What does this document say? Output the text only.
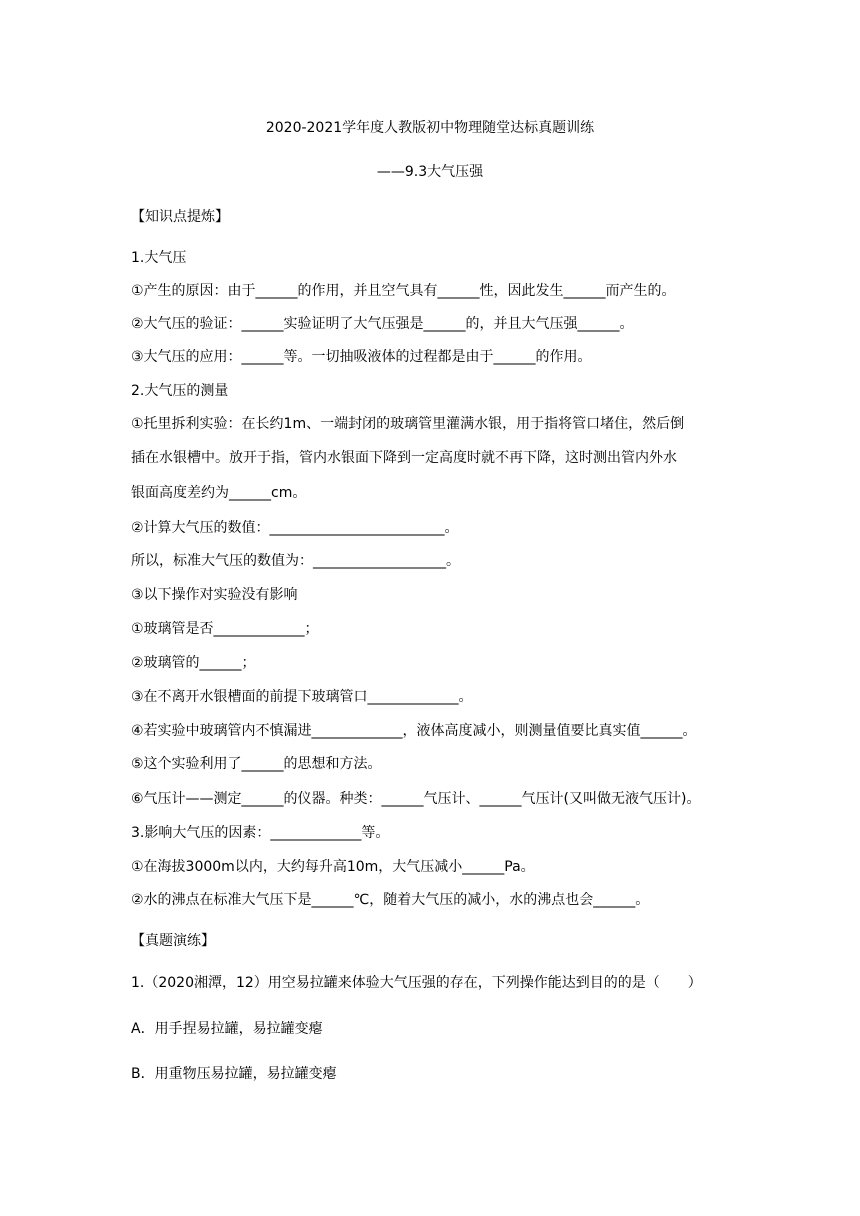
2020-2021学年度人教版初中物理随堂达标真题训练
——9.3大气压强
【知识点提炼】
1.大气压
①产生的原因：由于______的作用，并且空气具有______性，因此发生______而产生的。
②大气压的验证：______实验证明了大气压强是______的，并且大气压强______。
③大气压的应用：______等。一切抽吸液体的过程都是由于______的作用。
2.大气压的测量
①托里拆利实验：在长约1m、一端封闭的玻璃管里灌满水银，用于指将管口堵住，然后倒
插在水银槽中。放开于指，管内水银面下降到一定高度时就不再下降，这时测出管内外水
银面高度差约为______cm。
②计算大气压的数值：_________________________。
所以，标准大气压的数值为：___________________。
③以下操作对实验没有影响
①玻璃管是否_____________；
②玻璃管的______；
③在不离开水银槽面的前提下玻璃管口_____________。
④若实验中玻璃管内不慎漏进_____________，液体高度减小，则测量值要比真实值______。
⑤这个实验利用了______的思想和方法。
⑥气压计——测定______的仪器。种类：______气压计、______气压计(又叫做无液气压计)。
3.影响大气压的因素：_____________等。
①在海拔3000m以内，大约每升高10m，大气压减小______Pa。
②水的沸点在标准大气压下是______℃，随着大气压的减小，水的沸点也会______。
【真题演练】
1.（2020湘潭，12）用空易拉罐来体验大气压强的存在，下列操作能达到目的的是（　　）
A．用手捏易拉罐，易拉罐变瘪
B．用重物压易拉罐，易拉罐变瘪
